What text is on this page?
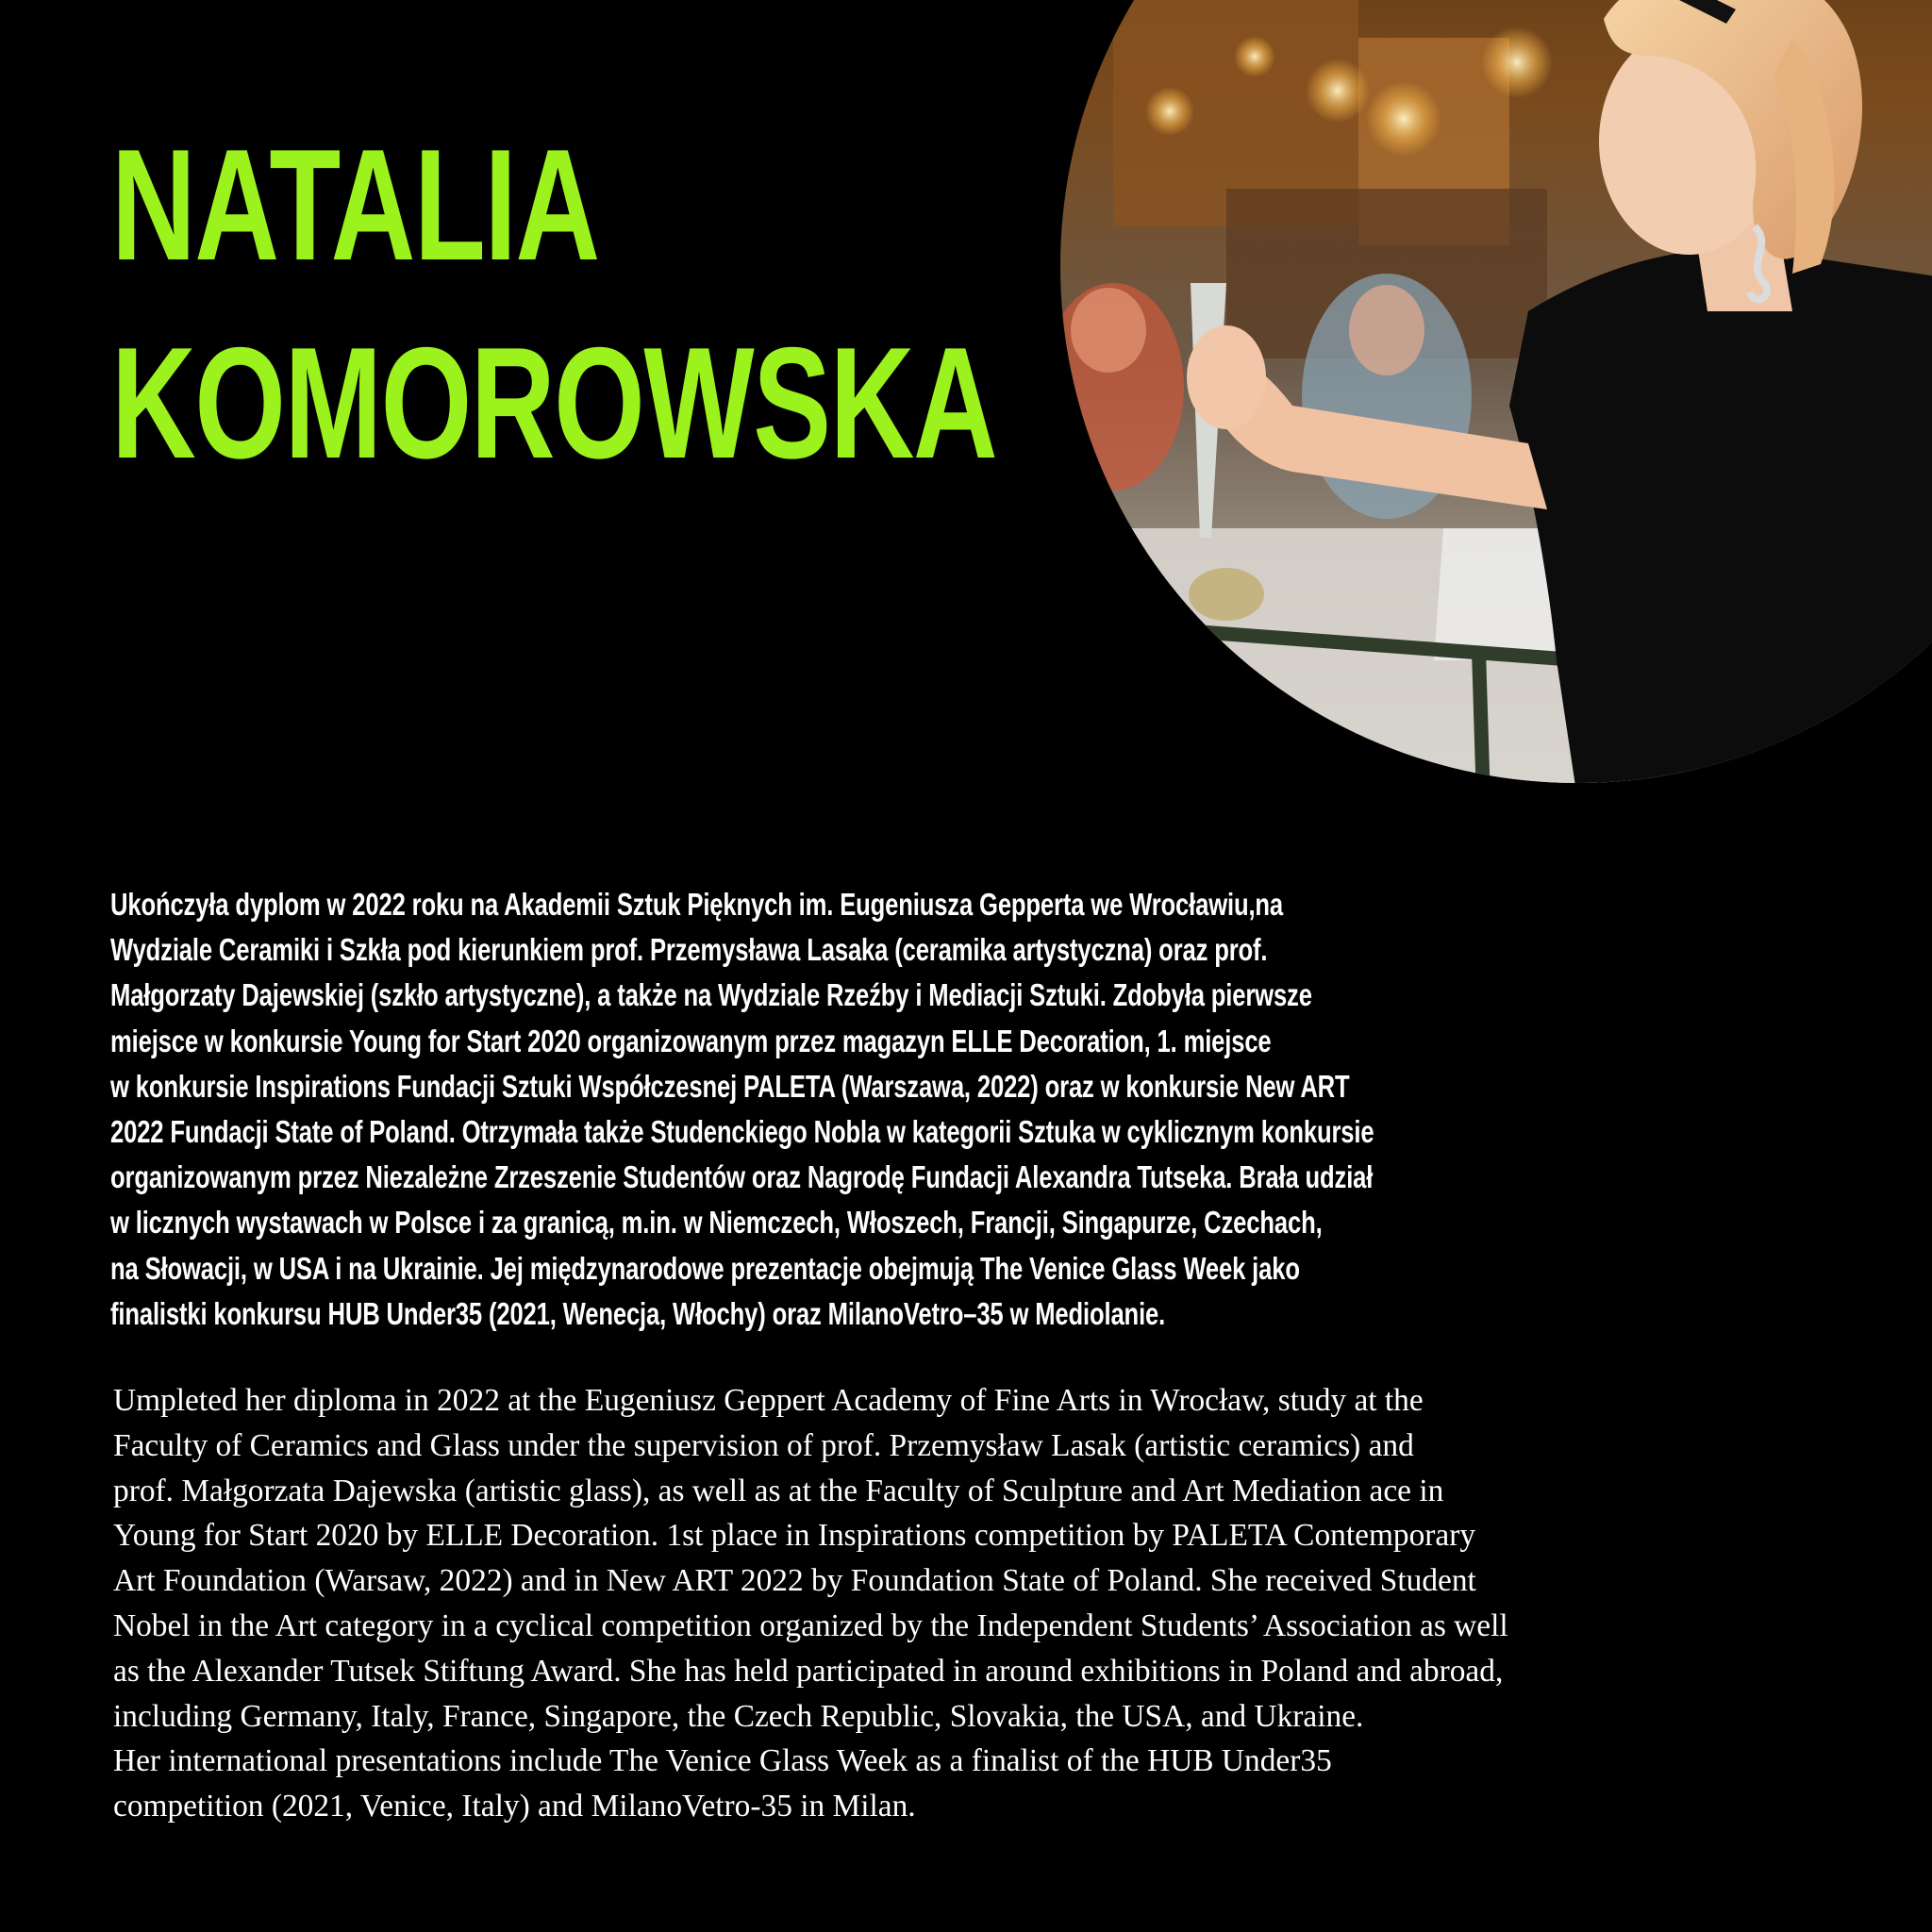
NATALIA
KOMOROWSKA
Ukończyła dyplom w 2022 roku na Akademii Sztuk Pięknych im. Eugeniusza Gepperta we Wrocławiu,na
Wydziale Ceramiki i Szkła pod kierunkiem prof. Przemysława Lasaka (ceramika artystyczna) oraz prof.
Małgorzaty Dajewskiej (szkło artystyczne), a także na Wydziale Rzeźby i Mediacji Sztuki. Zdobyła pierwsze
miejsce w konkursie Young for Start 2020 organizowanym przez magazyn ELLE Decoration, 1. miejsce
w konkursie Inspirations Fundacji Sztuki Współczesnej PALETA (Warszawa, 2022) oraz w konkursie New ART
2022 Fundacji State of Poland. Otrzymała także Studenckiego Nobla w kategorii Sztuka w cyklicznym konkursie
organizowanym przez Niezależne Zrzeszenie Studentów oraz Nagrodę Fundacji Alexandra Tutseka. Brała udział
w licznych wystawach w Polsce i za granicą, m.in. w Niemczech, Włoszech, Francji, Singapurze, Czechach,
na Słowacji, w USA i na Ukrainie. Jej międzynarodowe prezentacje obejmują The Venice Glass Week jako
finalistki konkursu HUB Under35 (2021, Wenecja, Włochy) oraz MilanoVetro–35 w Mediolanie.
Umpleted her diploma in 2022 at the Eugeniusz Geppert Academy of Fine Arts in Wrocław, study at the
Faculty of Ceramics and Glass under the supervision of prof. Przemysław Lasak (artistic ceramics) and
prof. Małgorzata Dajewska (artistic glass), as well as at the Faculty of Sculpture and Art Mediation ace in
Young for Start 2020 by ELLE Decoration. 1st place in Inspirations competition by PALETA Contemporary
Art Foundation (Warsaw, 2022) and in New ART 2022 by Foundation State of Poland. She received Student
Nobel in the Art category in a cyclical competition organized by the Independent Students’ Association as well
as the Alexander Tutsek Stiftung Award. She has held participated in around exhibitions in Poland and abroad,
including Germany, Italy, France, Singapore, the Czech Republic, Slovakia, the USA, and Ukraine.
Her international presentations include The Venice Glass Week as a finalist of the HUB Under35
competition (2021, Venice, Italy) and MilanoVetro-35 in Milan.
